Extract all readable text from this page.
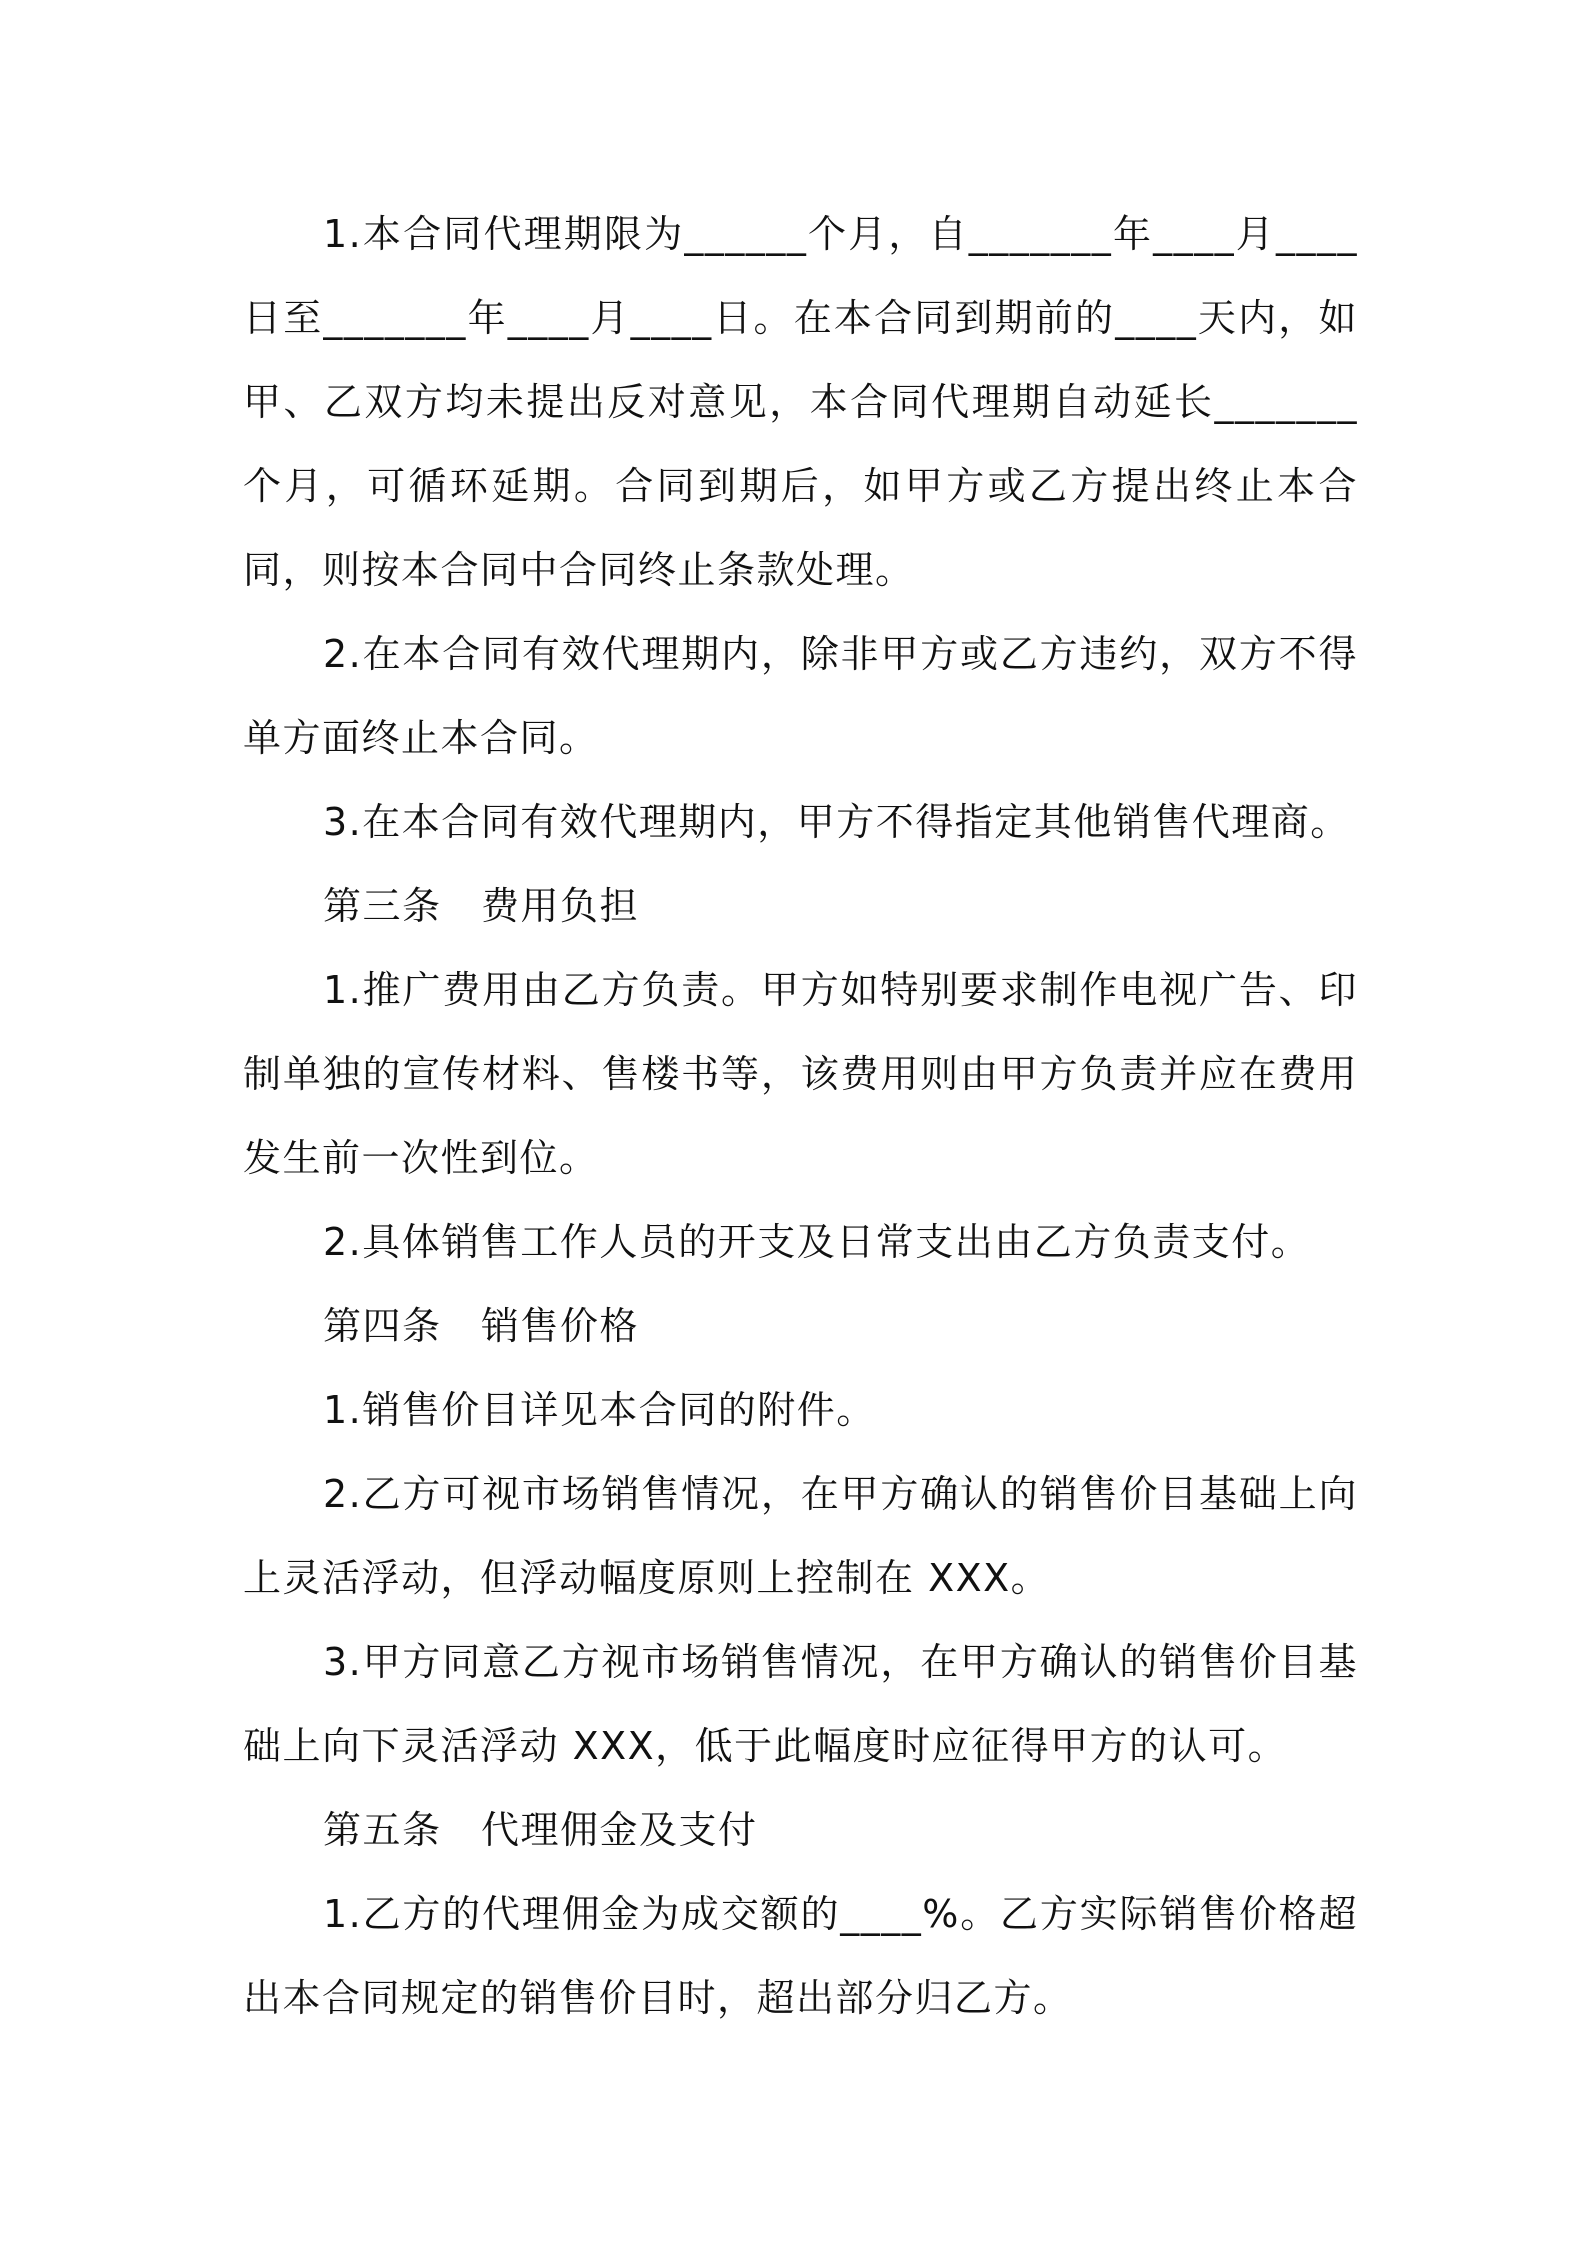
1.本合同代理期限为______个月，自_______年____月____日至_______年____月____日。在本合同到期前的____天内，如甲、乙双方均未提出反对意见，本合同代理期自动延长_______个月，可循环延期。合同到期后，如甲方或乙方提出终止本合同，则按本合同中合同终止条款处理。

2.在本合同有效代理期内，除非甲方或乙方违约，双方不得单方面终止本合同。

3.在本合同有效代理期内，甲方不得指定其他销售代理商。

第三条　费用负担

1.推广费用由乙方负责。甲方如特别要求制作电视广告、印制单独的宣传材料、售楼书等，该费用则由甲方负责并应在费用发生前一次性到位。

2.具体销售工作人员的开支及日常支出由乙方负责支付。

第四条　销售价格

1.销售价目详见本合同的附件。

2.乙方可视市场销售情况，在甲方确认的销售价目基础上向上灵活浮动，但浮动幅度原则上控制在 XXX。

3.甲方同意乙方视市场销售情况，在甲方确认的销售价目基础上向下灵活浮动 XXX，低于此幅度时应征得甲方的认可。

第五条　代理佣金及支付

1.乙方的代理佣金为成交额的____%。乙方实际销售价格超出本合同规定的销售价目时，超出部分归乙方。
